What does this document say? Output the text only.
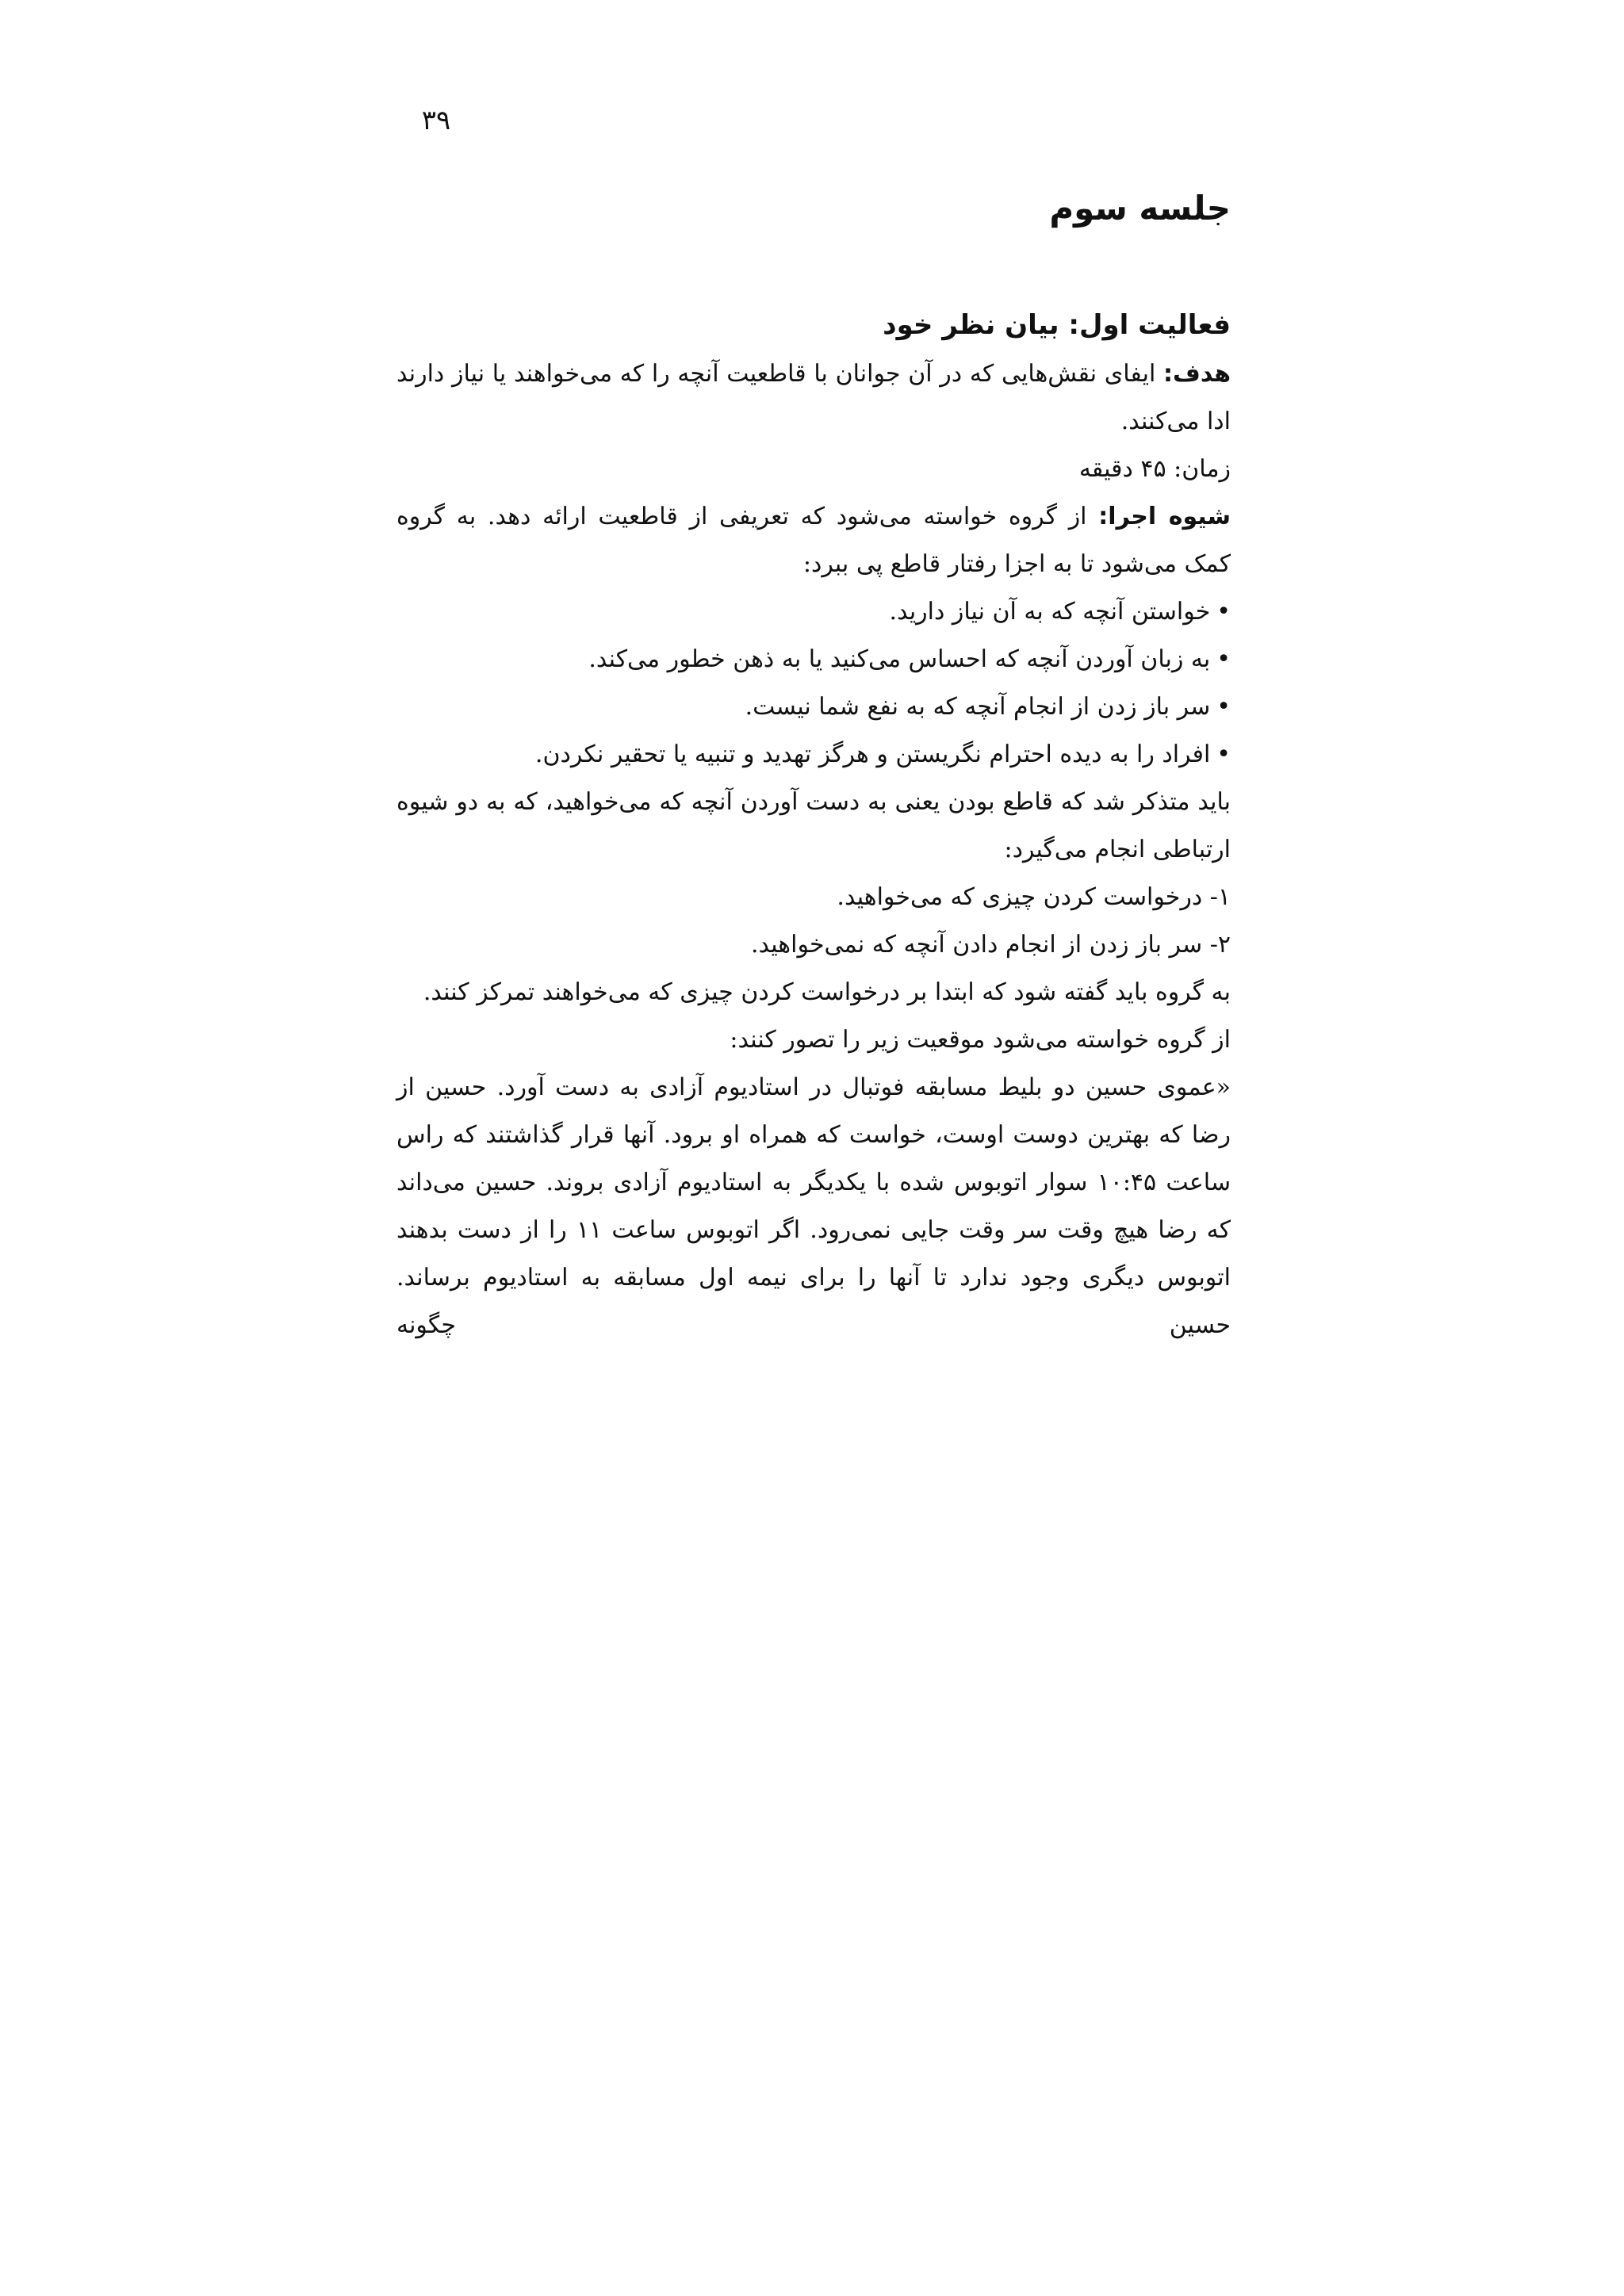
۳۹
جلسه سوم
فعالیت اول: بیان نظر خود

هدف: ایفای نقش‌هایی که در آن جوانان با قاطعیت آنچه را که می‌خواهند یا نیاز دارند ادا می‌کنند.

زمان: ۴۵ دقیقه

شیوه اجرا: از گروه خواسته می‌شود که تعریفی از قاطعیت ارائه دهد. به گروه کمک می‌شود تا به اجزا رفتار قاطع پی ببرد:

•خواستن آنچه که به آن نیاز دارید.
•به زبان آوردن آنچه که احساس می‌کنید یا به ذهن خطور می‌کند.
•سر باز زدن از انجام آنچه که به نفع شما نیست.
•افراد را به دیده احترام نگریستن و هرگز تهدید و تنبیه یا تحقیر نکردن.

باید متذکر شد که قاطع بودن یعنی به دست آوردن آنچه که می‌خواهید، که به دو شیوه ارتباطی انجام می‌گیرد:

۱- درخواست کردن چیزی که می‌خواهید.
۲- سر باز زدن از انجام دادن آنچه که نمی‌خواهید.

به گروه باید گفته شود که ابتدا بر درخواست کردن چیزی که می‌خواهند تمرکز کنند.

از گروه خواسته می‌شود موقعیت زیر را تصور کنند:

«عموی حسین دو بلیط مسابقه فوتبال در استادیوم آزادی به دست آورد. حسین از رضا که بهترین دوست اوست، خواست که همراه او برود. آنها قرار گذاشتند که راس ساعت ۱۰:۴۵ سوار اتوبوس شده با یکدیگر به استادیوم آزادی بروند. حسین می‌داند که رضا هیچ وقت سر وقت جایی نمی‌رود. اگر اتوبوس ساعت ۱۱ را از دست بدهند اتوبوس دیگری وجود ندارد تا آنها را برای نیمه اول مسابقه به استادیوم برساند. حسین چگونه
